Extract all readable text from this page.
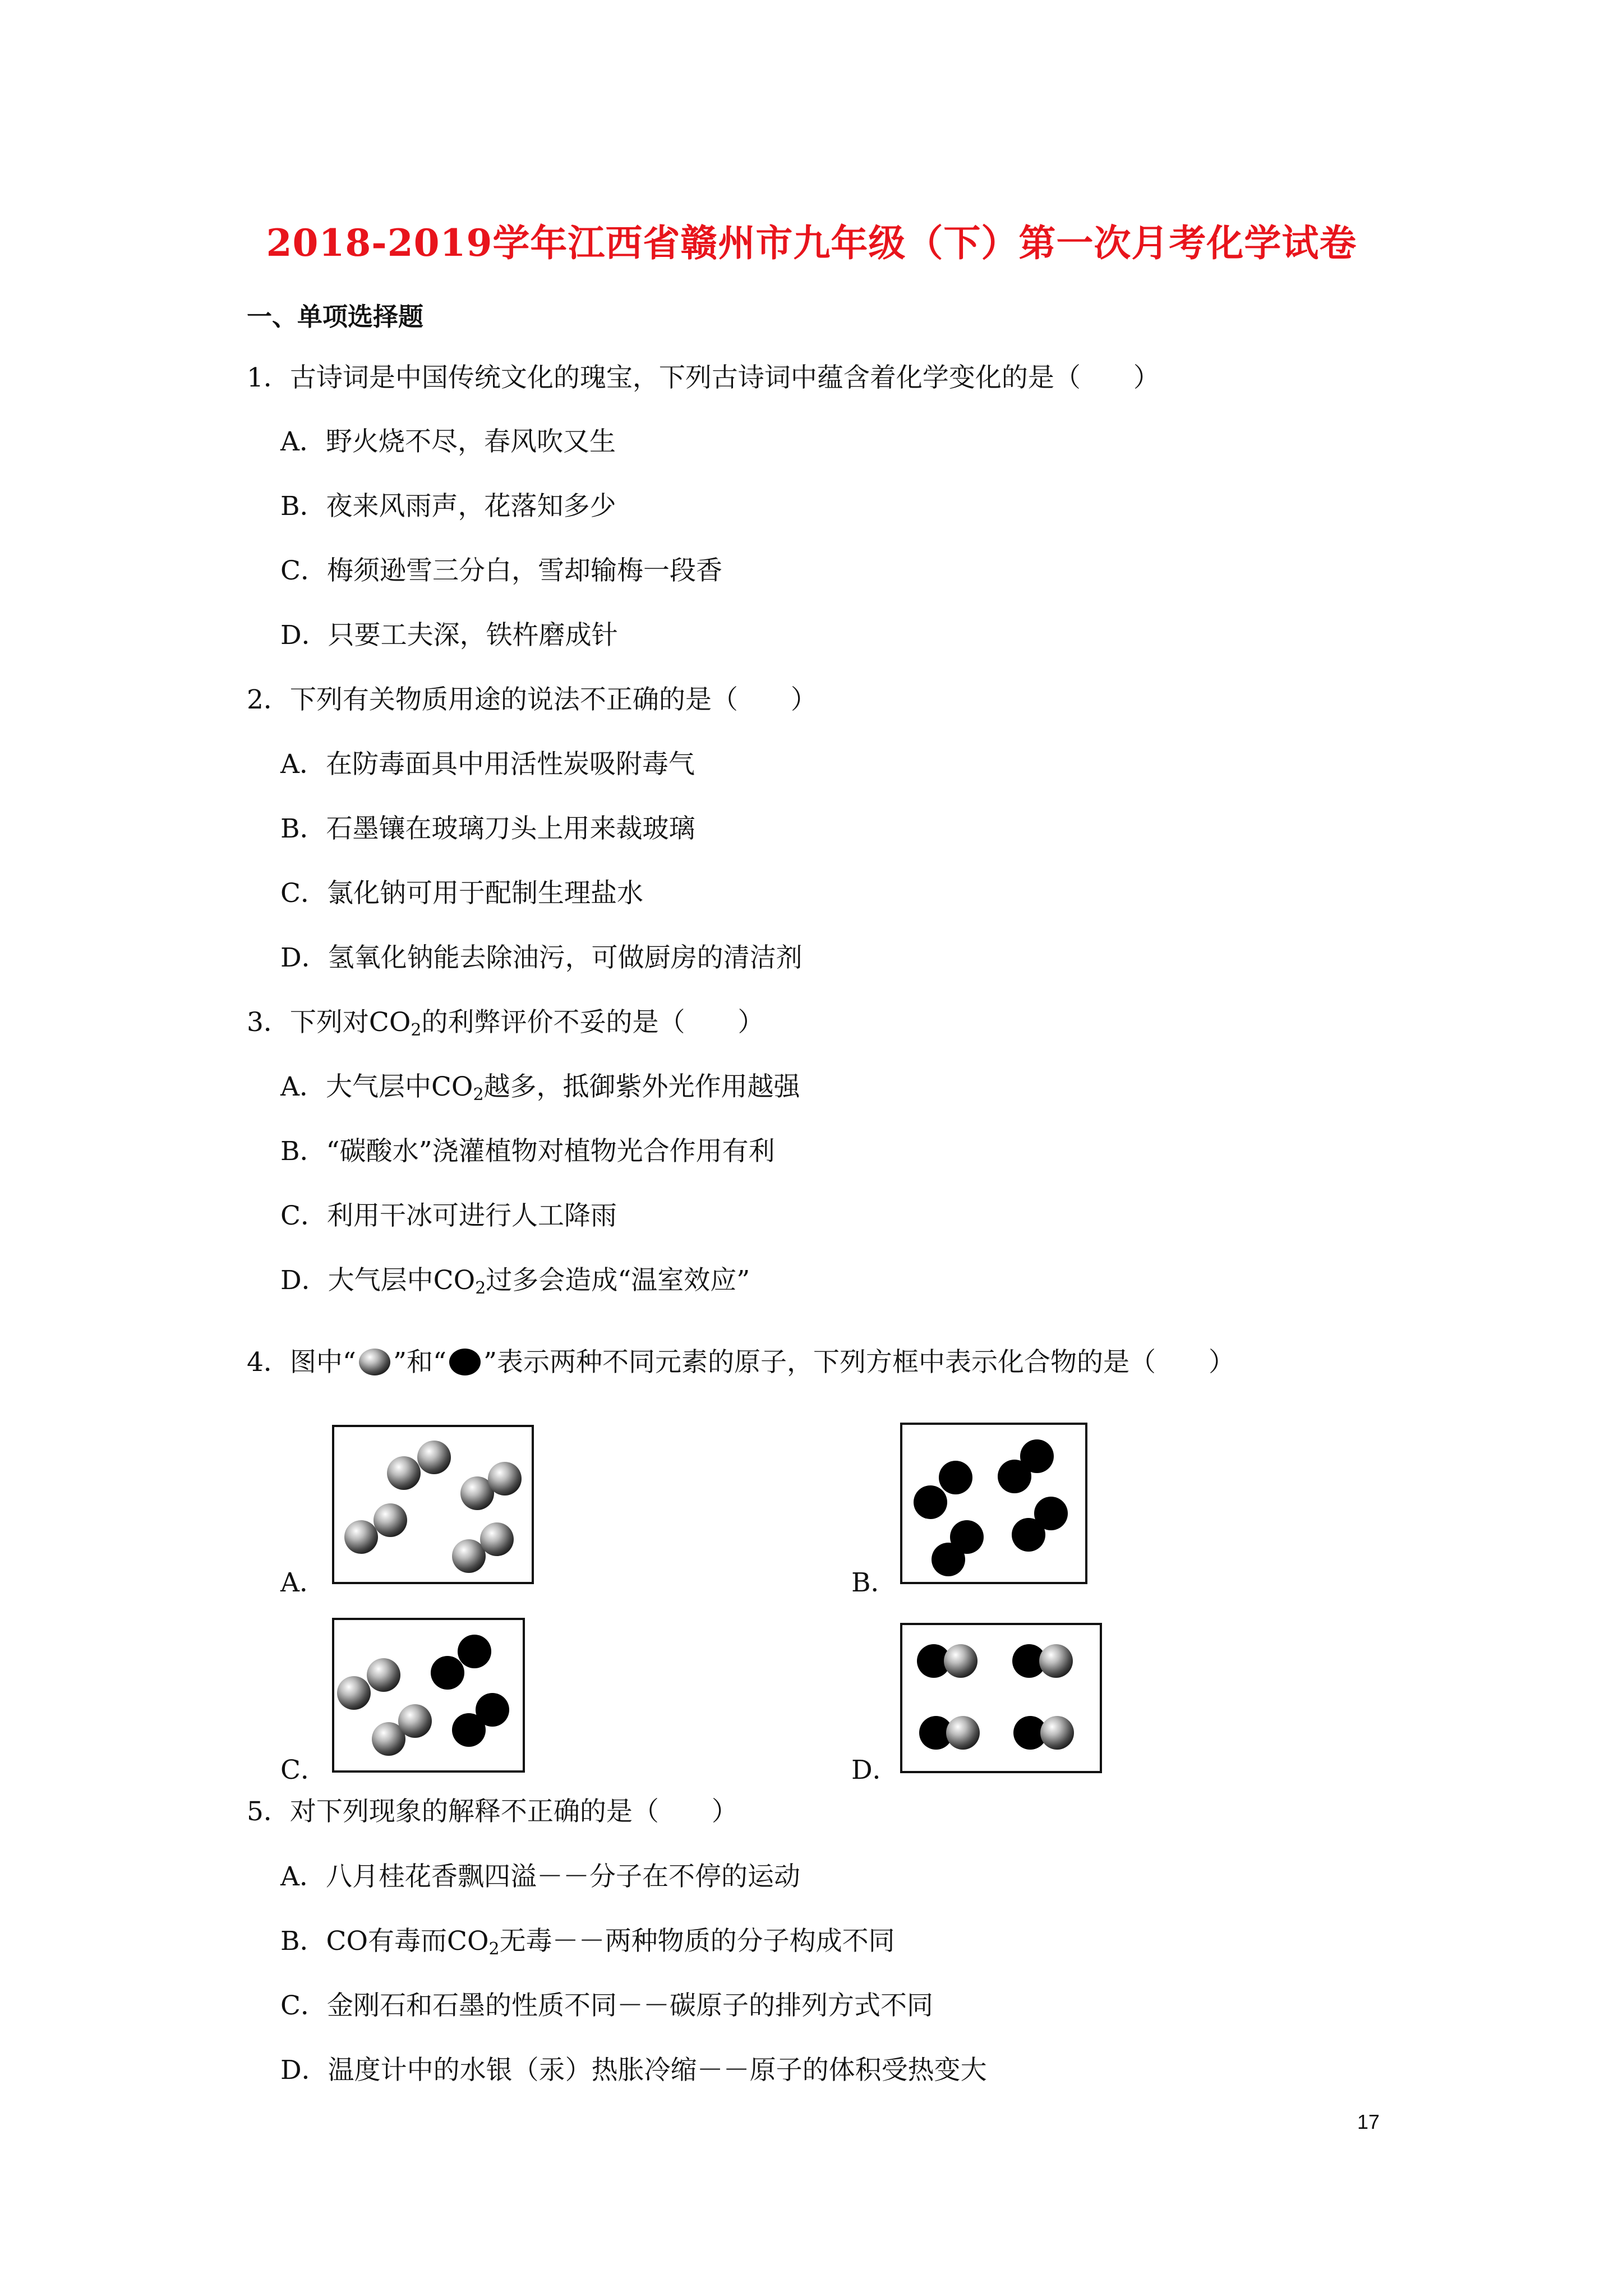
2018-2019学年江西省赣州市九年级（下）第一次月考化学试卷
一、单项选择题
1．古诗词是中国传统文化的瑰宝，下列古诗词中蕴含着化学变化的是（　　）
A．野火烧不尽，春风吹又生
B．夜来风雨声，花落知多少
C．梅须逊雪三分白，雪却输梅一段香
D．只要工夫深，铁杵磨成针
2．下列有关物质用途的说法不正确的是（　　）
A．在防毒面具中用活性炭吸附毒气
B．石墨镶在玻璃刀头上用来裁玻璃
C．氯化钠可用于配制生理盐水
D．氢氧化钠能去除油污，可做厨房的清洁剂
3．下列对$CO_2$的利弊评价不妥的是（　　）
A．大气层中$CO_2$越多，抵御紫外光作用越强
B．“碳酸水”浇灌植物对植物光合作用有利
C．利用干冰可进行人工降雨
D．大气层中$CO_2$过多会造成“温室效应”
4．图中“ ”和“ ”表示两种不同元素的原子，下列方框中表示化合物的是（　　）
A．	B．
C．	D．
5．对下列现象的解释不正确的是（　　）
A．八月桂花香飘四溢－－分子在不停的运动
B．CO有毒而$CO_2$无毒－－两种物质的分子构成不同
C．金刚石和石墨的性质不同－－碳原子的排列方式不同
D．温度计中的水银（汞）热胀冷缩－－原子的体积受热变大
17
